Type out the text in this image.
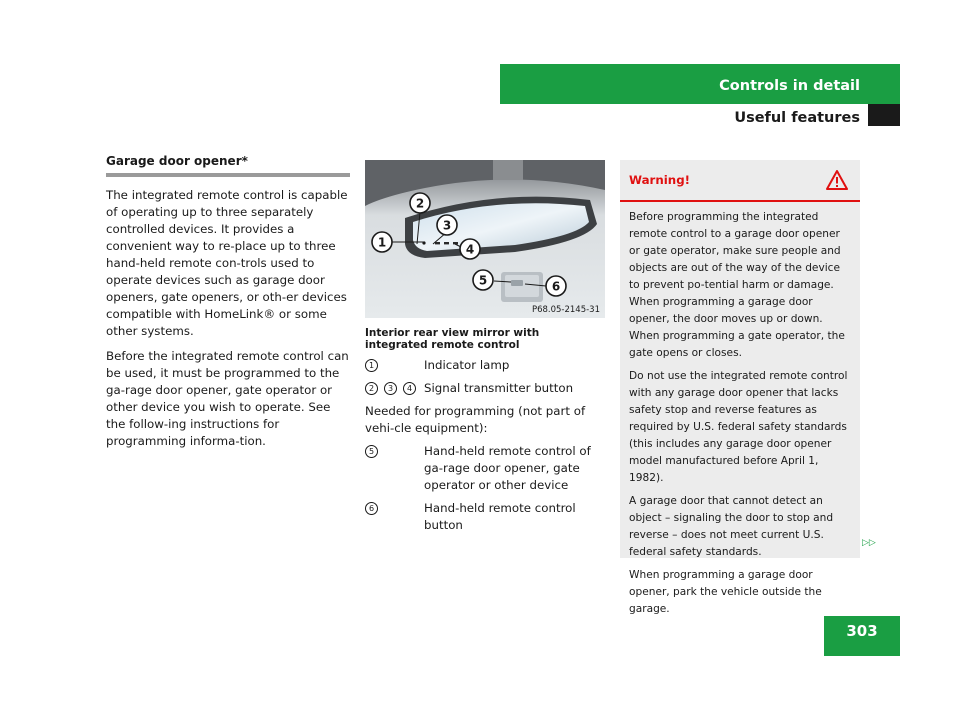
Controls in detail
Useful features
Garage door opener*

The integrated remote control is capable of operating up to three separately controlled devices. It provides a convenient way to re-place up to three hand-held remote con-trols used to operate devices such as garage door openers, gate openers, or oth-er devices compatible with HomeLink® or some other systems.

Before the integrated remote control can be used, it must be programmed to the ga-rage door opener, gate operator or other device you wish to operate. See the follow-ing instructions for programming informa-tion.

1
2
3
4
5	6
P68.05-2145-31
Interior rear view mirror with integrated remote control
1	Indicator lamp
2 3 4	Signal transmitter button

Needed for programming (not part of vehi-cle equipment):

5	Hand-held remote control of ga-rage door opener, gate operator or other device
6	Hand-held remote control button
Warning!

Before programming the integrated remote control to a garage door opener or gate operator, make sure people and objects are out of the way of the device to prevent po-tential harm or damage. When programming a garage door opener, the door moves up or down. When programming a gate operator, the gate opens or closes.

Do not use the integrated remote control with any garage door opener that lacks safety stop and reverse features as required by U.S. federal safety standards (this includes any garage door opener model manufactured before April 1, 1982).

A garage door that cannot detect an object – signaling the door to stop and reverse – does not meet current U.S. federal safety standards.

When programming a garage door opener, park the vehicle outside the garage.

▷▷
303
